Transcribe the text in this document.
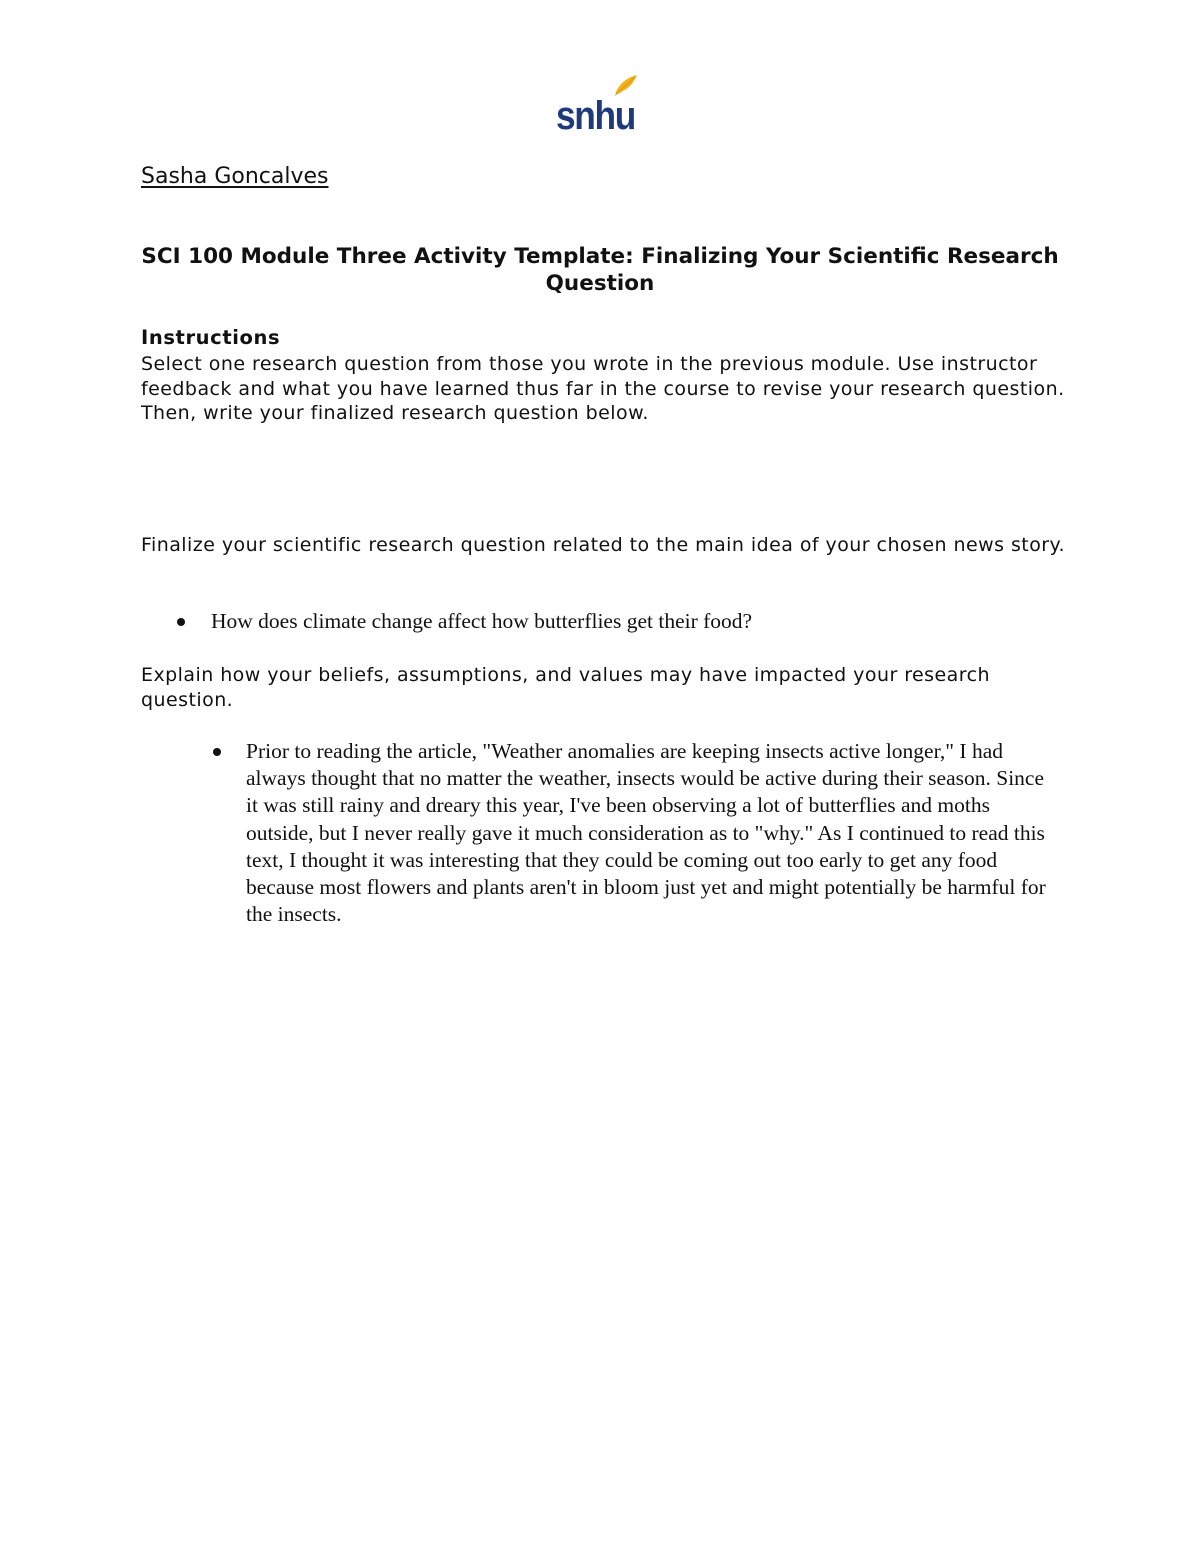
snhu

Sasha Goncalves

SCI 100 Module Three Activity Template: Finalizing Your Scientific Research Question
Instructions

Select one research question from those you wrote in the previous module. Use instructor feedback and what you have learned thus far in the course to revise your research question. Then, write your finalized research question below.

Finalize your scientific research question related to the main idea of your chosen news story.

How does climate change affect how butterflies get their food?

Explain how your beliefs, assumptions, and values may have impacted your research question.

Prior to reading the article, "Weather anomalies are keeping insects active longer," I had always thought that no matter the weather, insects would be active during their season. Since it was still rainy and dreary this year, I've been observing a lot of butterflies and moths outside, but I never really gave it much consideration as to "why." As I continued to read this text, I thought it was interesting that they could be coming out too early to get any food because most flowers and plants aren't in bloom just yet and might potentially be harmful for the insects.
